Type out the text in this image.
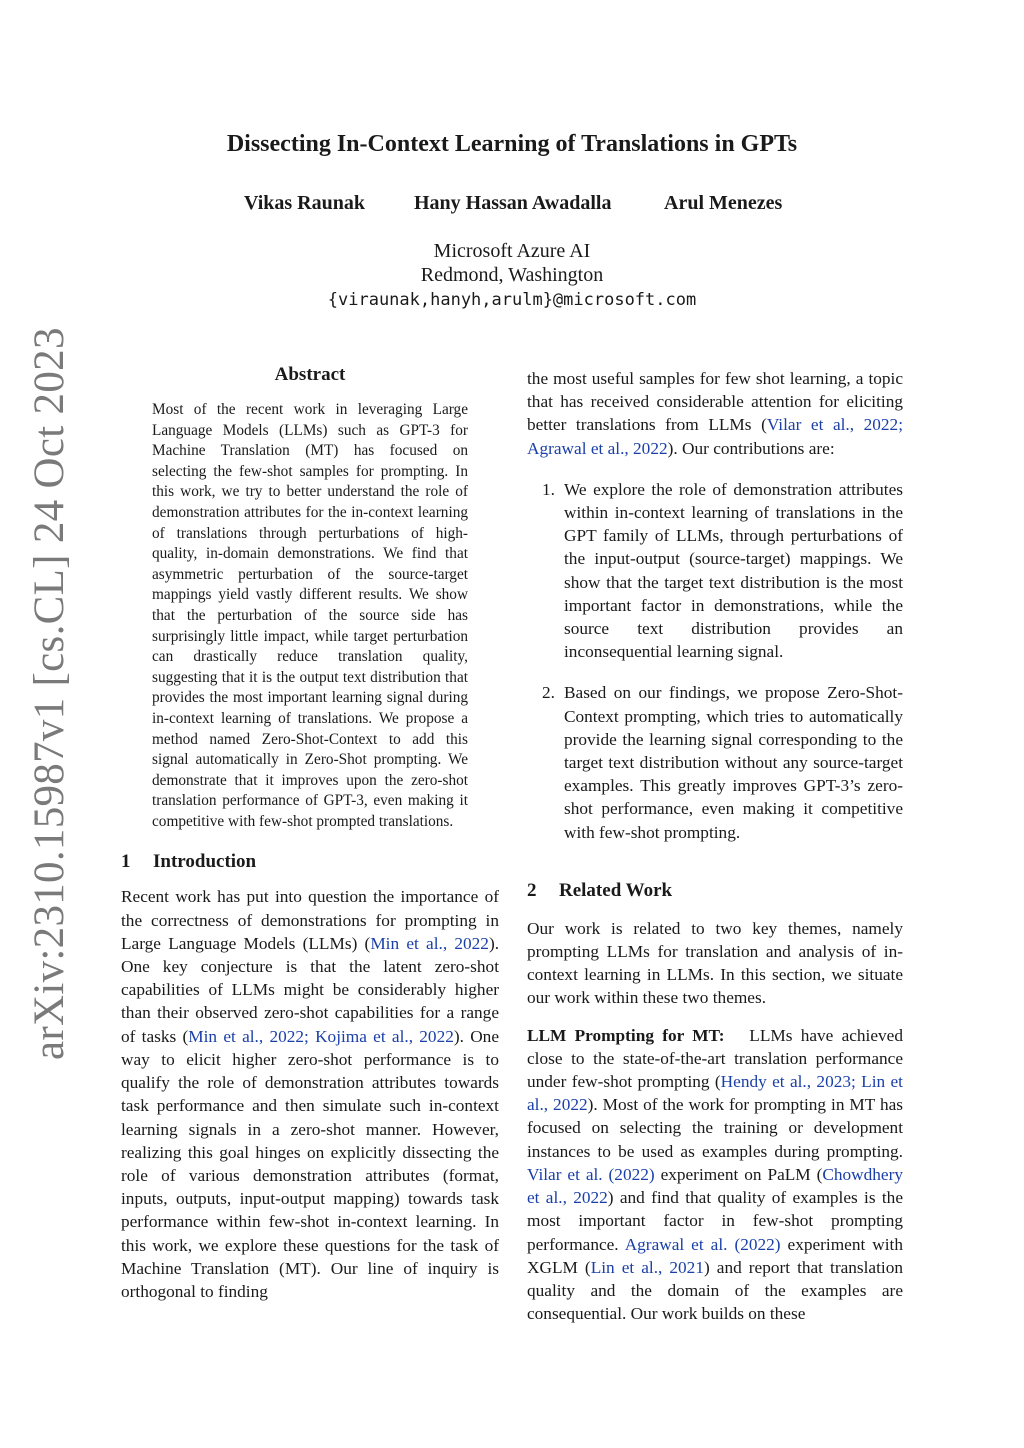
arXiv:2310.15987v1 [cs.CL] 24 Oct 2023
Dissecting In-Context Learning of Translations in GPTs
Vikas Raunak Hany Hassan Awadalla	Arul Menezes
Microsoft Azure AI
Redmond, Washington
{viraunak,hanyh,arulm}@microsoft.com
Abstract
Most of the recent work in leveraging Large Language Models (LLMs) such as GPT-3 for Machine Translation (MT) has focused on selecting the few-shot samples for prompting. In this work, we try to better understand the role of demonstration attributes for the in-context learning of translations through perturbations of high-quality, in-domain demonstrations. We find that asymmetric perturbation of the source-target mappings yield vastly different results. We show that the perturbation of the source side has surprisingly little impact, while target perturbation can drastically reduce translation quality, suggesting that it is the output text distribution that provides the most important learning signal during in-context learning of translations. We propose a method named Zero-Shot-Context to add this signal automatically in Zero-Shot prompting. We demonstrate that it improves upon the zero-shot translation performance of GPT-3, even making it competitive with few-shot prompted translations.
1 Introduction

Recent work has put into question the importance of the correctness of demonstrations for prompting in Large Language Models (LLMs) (Min et al., 2022). One key conjecture is that the latent zero-shot capabilities of LLMs might be considerably higher than their observed zero-shot capabilities for a range of tasks (Min et al., 2022; Kojima et al., 2022). One way to elicit higher zero-shot performance is to qualify the role of demonstration attributes towards task performance and then simulate such in-context learning signals in a zero-shot manner. However, realizing this goal hinges on explicitly dissecting the role of various demonstration attributes (format, inputs, outputs, input-output mapping) towards task performance within few-shot in-context learning. In this work, we explore these questions for the task of Machine Translation (MT). Our line of inquiry is orthogonal to finding

the most useful samples for few shot learning, a topic that has received considerable attention for eliciting better translations from LLMs (Vilar et al., 2022; Agrawal et al., 2022). Our contributions are:

1. We explore the role of demonstration attributes within in-context learning of translations in the GPT family of LLMs, through perturbations of the input-output (source-target) mappings. We show that the target text distribution is the most important factor in demonstrations, while the source text distribution provides an inconsequential learning signal.
2. Based on our findings, we propose Zero-Shot-Context prompting, which tries to automatically provide the learning signal corresponding to the target text distribution without any source-target examples. This greatly improves GPT-3’s zero-shot performance, even making it competitive with few-shot prompting.
2 Related Work

Our work is related to two key themes, namely prompting LLMs for translation and analysis of in-context learning in LLMs. In this section, we situate our work within these two themes.

LLM Prompting for MT: LLMs have achieved close to the state-of-the-art translation performance under few-shot prompting (Hendy et al., 2023; Lin et al., 2022). Most of the work for prompting in MT has focused on selecting the training or development instances to be used as examples during prompting. Vilar et al. (2022) experiment on PaLM (Chowdhery et al., 2022) and find that quality of examples is the most important factor in few-shot prompting performance. Agrawal et al. (2022) experiment with XGLM (Lin et al., 2021) and report that translation quality and the domain of the examples are consequential. Our work builds on these
